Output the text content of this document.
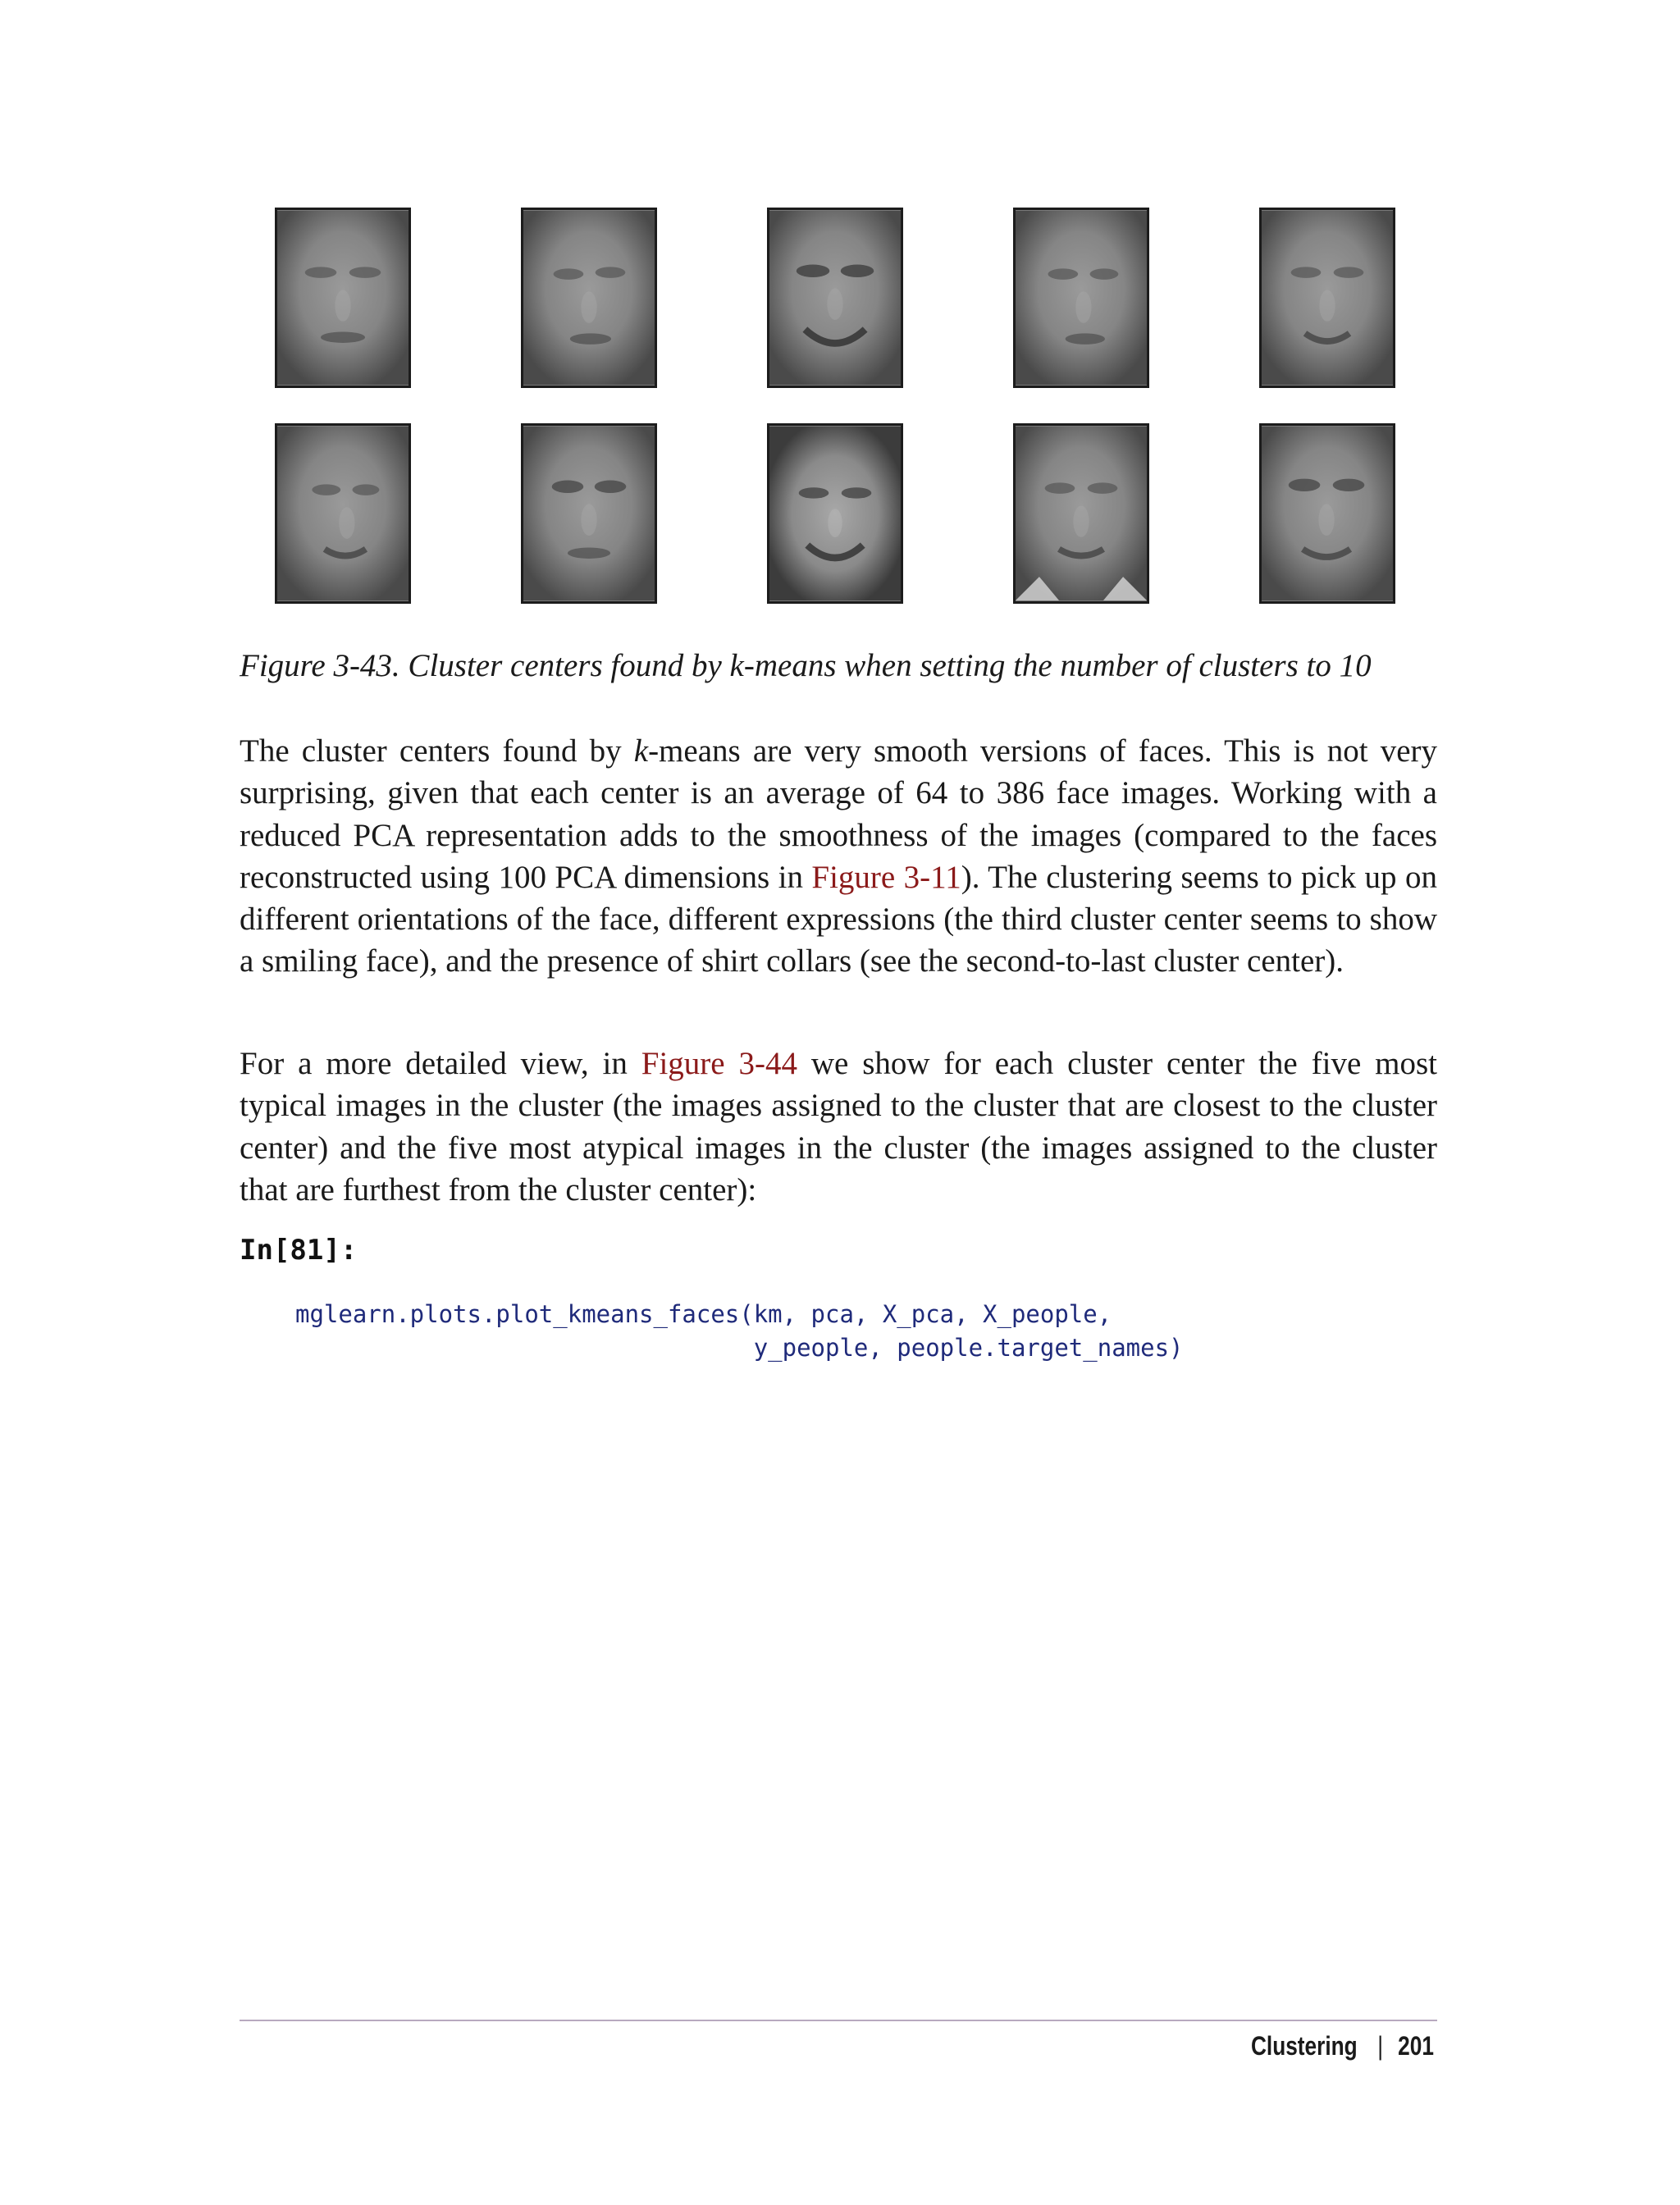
Figure 3-43. Cluster centers found by k-means when setting the number of clusters to 10

The cluster centers found by k-means are very smooth versions of faces. This is not very surprising, given that each center is an average of 64 to 386 face images. Working with a reduced PCA representation adds to the smoothness of the images (compared to the faces reconstructed using 100 PCA dimensions in Figure 3-11). The clustering seems to pick up on different orientations of the face, different expressions (the third cluster center seems to show a smiling face), and the presence of shirt collars (see the second-to-last cluster center).

For a more detailed view, in Figure 3-44 we show for each cluster center the five most typical images in the cluster (the images assigned to the cluster that are closest to the cluster center) and the five most atypical images in the cluster (the images assigned to the cluster that are furthest from the cluster center):

In[81]:
mglearn.plots.plot_kmeans_faces(km, pca, X_pca, X_people,
y_people, people.target_names)
Clustering | 201
